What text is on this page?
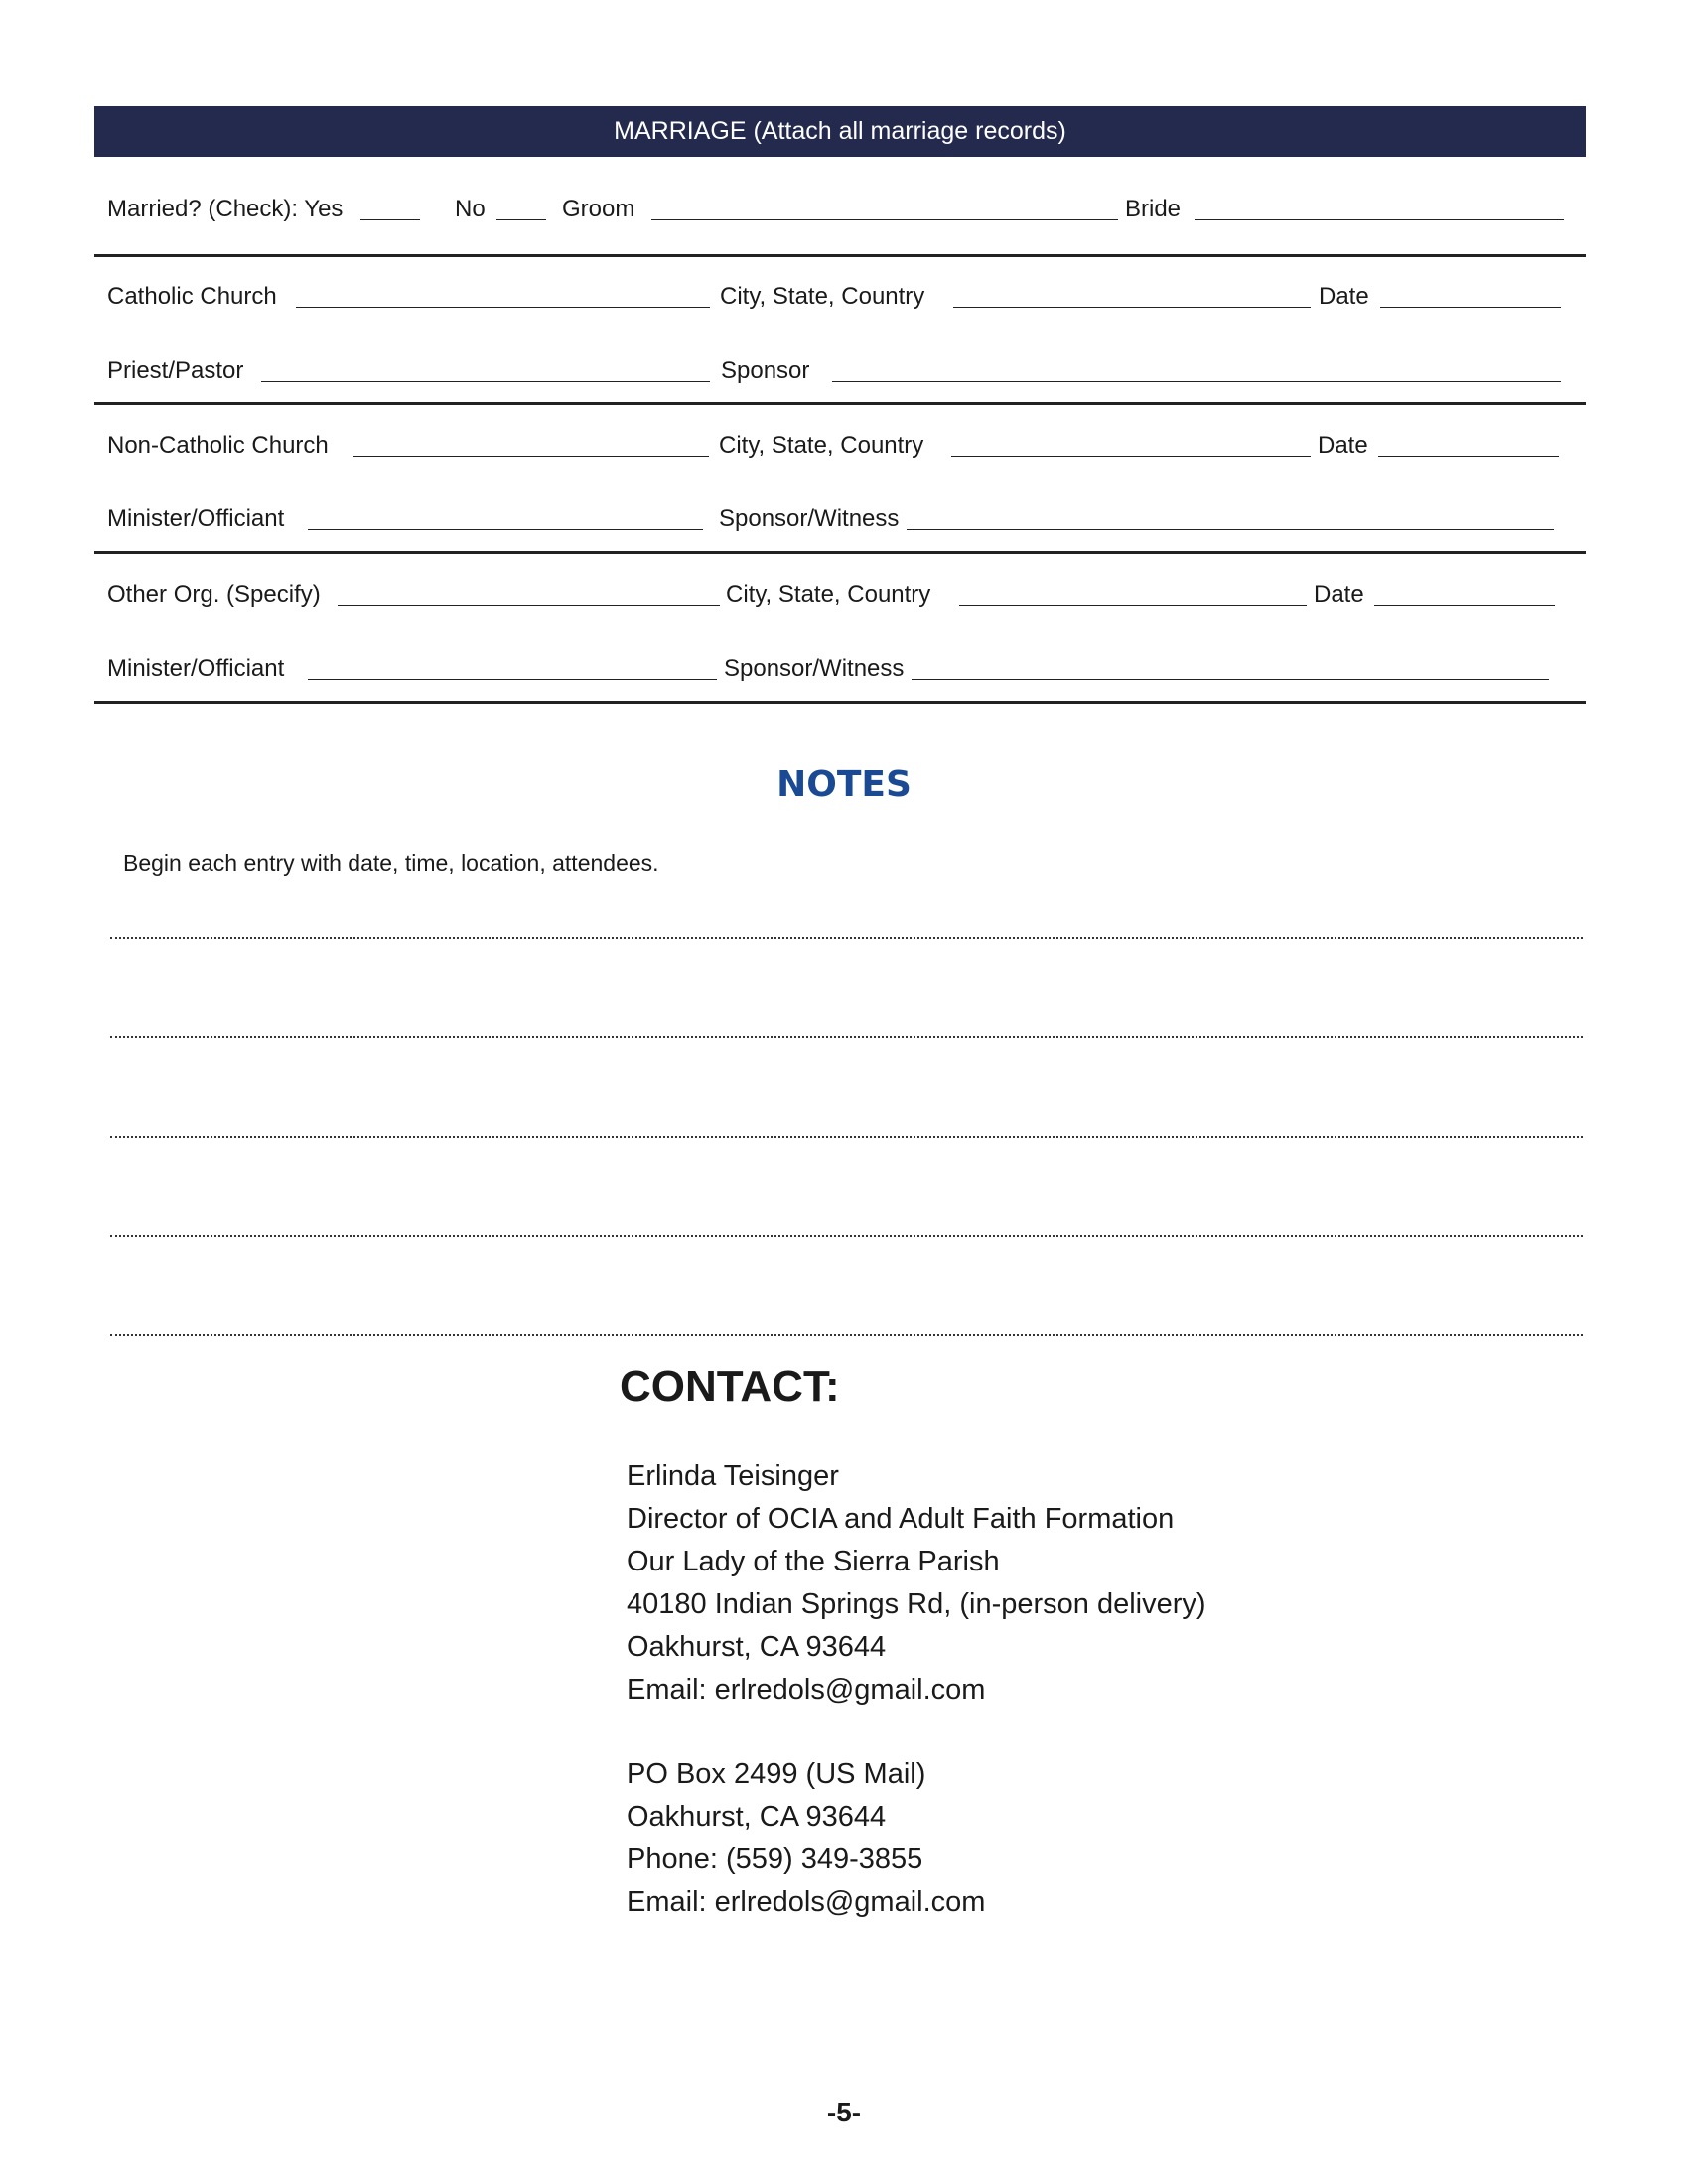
MARRIAGE (Attach all marriage records)
Married? (Check): Yes	No	Groom	Bride
Catholic Church	City, State, Country	Date
Priest/Pastor	Sponsor
Non-Catholic Church	City, State, Country	Date
Minister/Officiant	Sponsor/Witness
Other Org. (Specify)	City, State, Country	Date
Minister/Officiant	Sponsor/Witness
NOTES
Begin each entry with date, time, location, attendees.
CONTACT:
Erlinda Teisinger
Director of OCIA and Adult Faith Formation
Our Lady of the Sierra Parish
40180 Indian Springs Rd, (in-person delivery)
Oakhurst, CA 93644
Email: erlredols@gmail.com
PO Box 2499 (US Mail)
Oakhurst, CA 93644
Phone: (559) 349-3855
Email: erlredols@gmail.com
-5-
